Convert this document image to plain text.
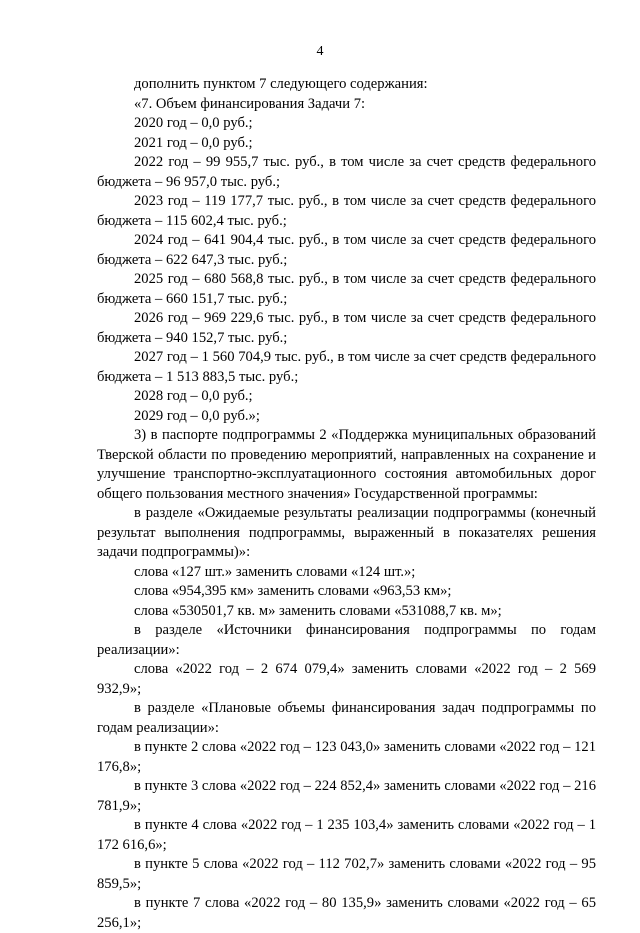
4

дополнить пунктом 7 следующего содержания:

«7. Объем финансирования Задачи 7:

2020 год – 0,0 руб.;

2021 год – 0,0 руб.;

2022 год – 99 955,7 тыс. руб., в том числе за счет средств федерального бюджета – 96 957,0 тыс. руб.;

2023 год – 119 177,7 тыс. руб., в том числе за счет средств федерального бюджета – 115 602,4 тыс. руб.;

2024 год – 641 904,4 тыс. руб., в том числе за счет средств федерального бюджета – 622 647,3 тыс. руб.;

2025 год – 680 568,8 тыс. руб., в том числе за счет средств федерального бюджета – 660 151,7 тыс. руб.;

2026 год – 969 229,6 тыс. руб., в том числе за счет средств федерального бюджета – 940 152,7 тыс. руб.;

2027 год – 1 560 704,9 тыс. руб., в том числе за счет средств федерального бюджета – 1 513 883,5 тыс. руб.;

2028 год – 0,0 руб.;

2029 год – 0,0 руб.»;

3) в паспорте подпрограммы 2 «Поддержка муниципальных образований Тверской области по проведению мероприятий, направленных на сохранение и улучшение транспортно-эксплуатационного состояния автомобильных дорог общего пользования местного значения» Государственной программы:

в разделе «Ожидаемые результаты реализации подпрограммы (конечный результат выполнения подпрограммы, выраженный в показателях решения задачи подпрограммы)»:

слова «127 шт.» заменить словами «124 шт.»;

слова «954,395 км» заменить словами «963,53 км»;

слова «530501,7 кв. м» заменить словами «531088,7 кв. м»;

в разделе «Источники финансирования подпрограммы по годам реализации»:

слова «2022 год – 2 674 079,4» заменить словами «2022 год – 2 569 932,9»;

в разделе «Плановые объемы финансирования задач подпрограммы по годам реализации»:

в пункте 2 слова «2022 год – 123 043,0» заменить словами «2022 год – 121 176,8»;

в пункте 3 слова «2022 год – 224 852,4» заменить словами «2022 год – 216 781,9»;

в пункте 4 слова «2022 год – 1 235 103,4» заменить словами «2022 год – 1 172 616,6»;

в пункте 5 слова «2022 год – 112 702,7» заменить словами «2022 год – 95 859,5»;

в пункте 7 слова «2022 год – 80 135,9» заменить словами «2022 год – 65 256,1»;
